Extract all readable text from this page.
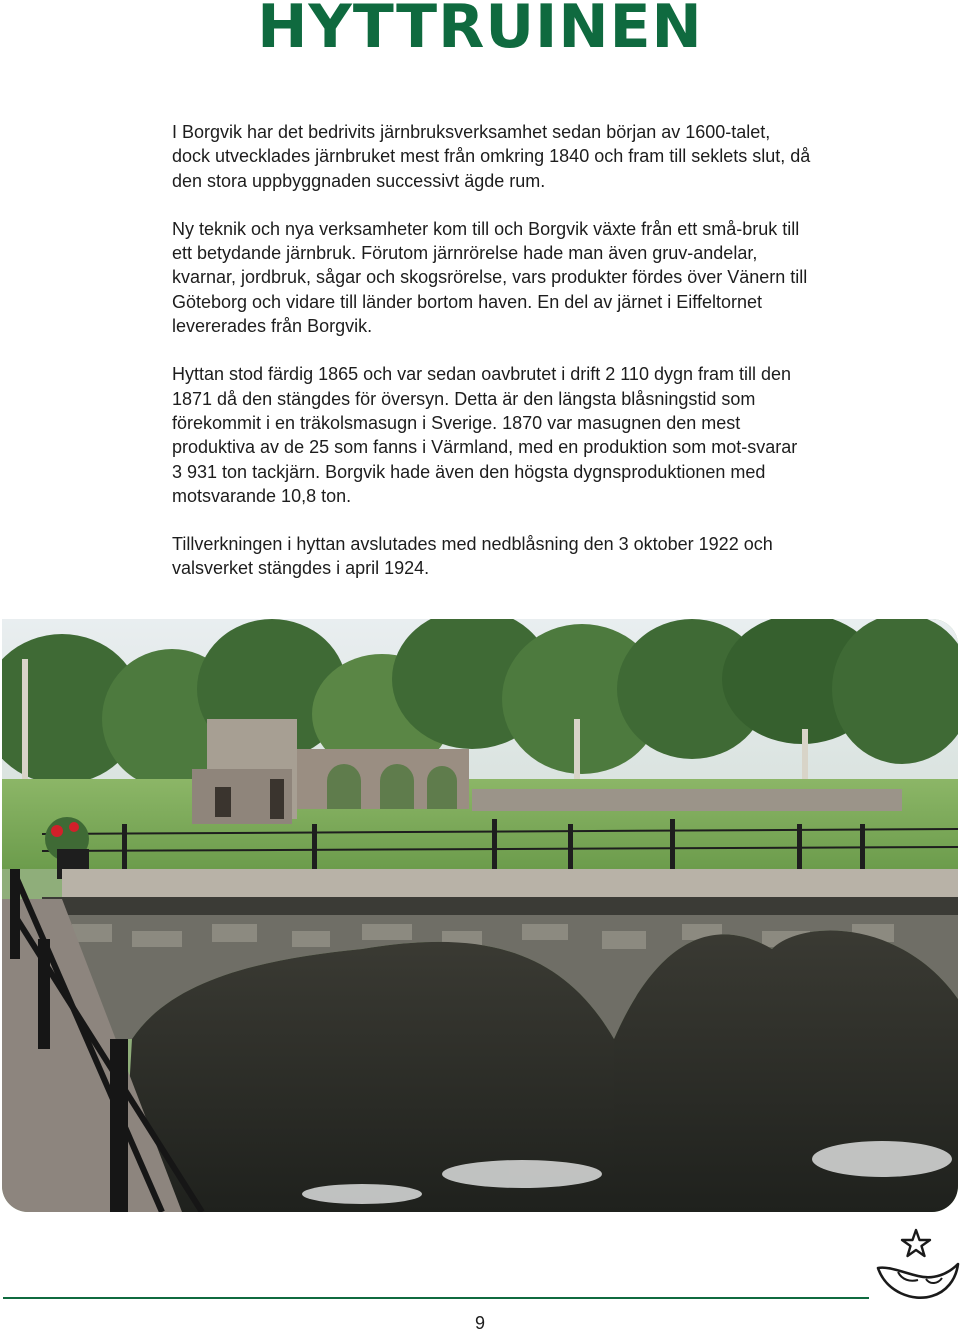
HYTTRUINEN

I Borgvik har det bedrivits järnbruksverksamhet sedan början av 1600-talet, dock utvecklades järnbruket mest från omkring 1840 och fram till seklets slut, då den stora uppbyggnaden successivt ägde rum.

Ny teknik och nya verksamheter kom till och Borgvik växte från ett små-bruk till ett betydande järnbruk. Förutom järnrörelse hade man även gruv-andelar, kvarnar, jordbruk, sågar och skogsrörelse, vars produkter fördes över Vänern till Göteborg och vidare till länder bortom haven. En del av järnet i Eiffeltornet levererades från Borgvik.

Hyttan stod färdig 1865 och var sedan oavbrutet i drift 2 110 dygn fram till den 1871 då den stängdes för översyn. Detta är den längsta blåsningstid som förekommit i en träkolsmasugn i Sverige. 1870 var masugnen den mest produktiva av de 25 som fanns i Värmland, med en produktion som mot-svarar 3 931 ton tackjärn. Borgvik hade även den högsta dygnsproduktionen med motsvarande 10,8 ton.

Tillverkningen i hyttan avslutades med nedblåsning den 3 oktober 1922 och valsverket stängdes i april 1924.

9
